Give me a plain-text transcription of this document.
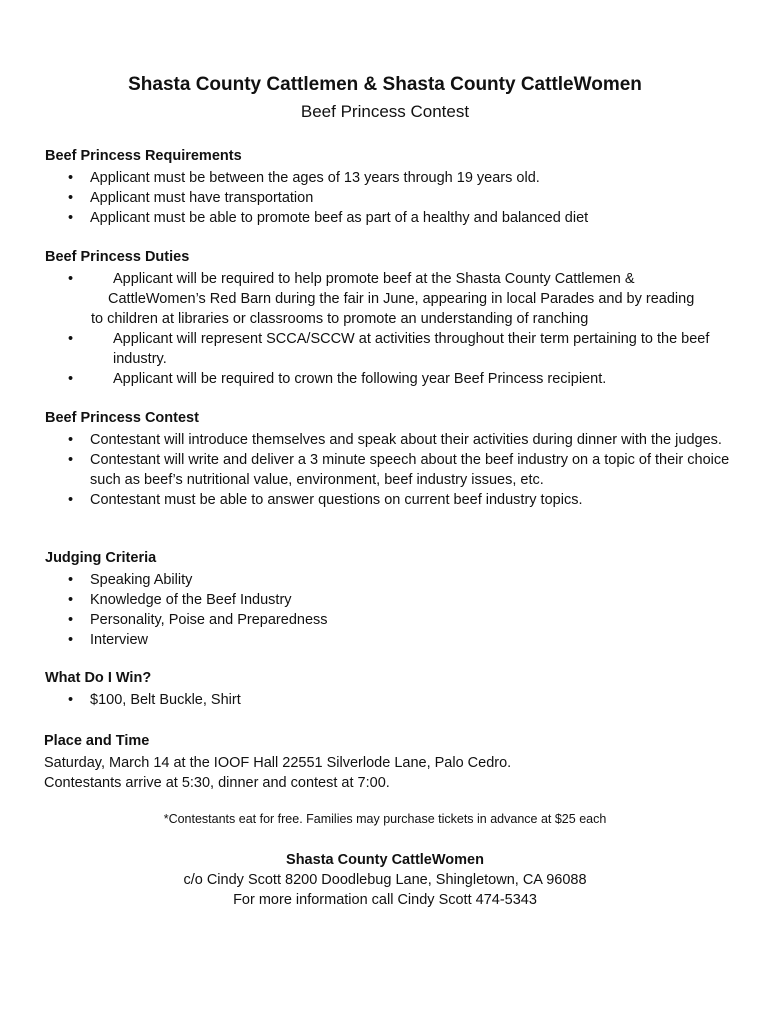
Shasta County Cattlemen & Shasta County CattleWomen

Beef Princess Contest

Beef Princess Requirements
• Applicant must be between the ages of 13 years through 19 years old.
• Applicant must have transportation
• Applicant must be able to promote beef as part of a healthy and balanced diet
Beef Princess Duties
• Applicant will be required to help promote beef at the Shasta County Cattlemen &
CattleWomen’s Red Barn during the fair in June, appearing in local Parades and by reading
to children at libraries or classrooms to promote an understanding of ranching
• Applicant will represent SCCA/SCCW at activities throughout their term pertaining to the beef industry.
• Applicant will be required to crown the following year Beef Princess recipient.
Beef Princess Contest
• Contestant will introduce themselves and speak about their activities during dinner with the judges.
• Contestant will write and deliver a 3 minute speech about the beef industry on a topic of their choice such as beef’s nutritional value, environment, beef industry issues, etc.
• Contestant must be able to answer questions on current beef industry topics.
Judging Criteria
• Speaking Ability
• Knowledge of the Beef Industry
• Personality, Poise and Preparedness
• Interview
What Do I Win?
• $100, Belt Buckle, Shirt
Place and Time

Saturday, March 14 at the IOOF Hall 22551 Silverlode Lane, Palo Cedro.

Contestants arrive at 5:30, dinner and contest at 7:00.

*Contestants eat for free. Families may purchase tickets in advance at $25 each

Shasta County CattleWomen

c/o Cindy Scott 8200 Doodlebug Lane, Shingletown, CA 96088

For more information call Cindy Scott 474-5343
